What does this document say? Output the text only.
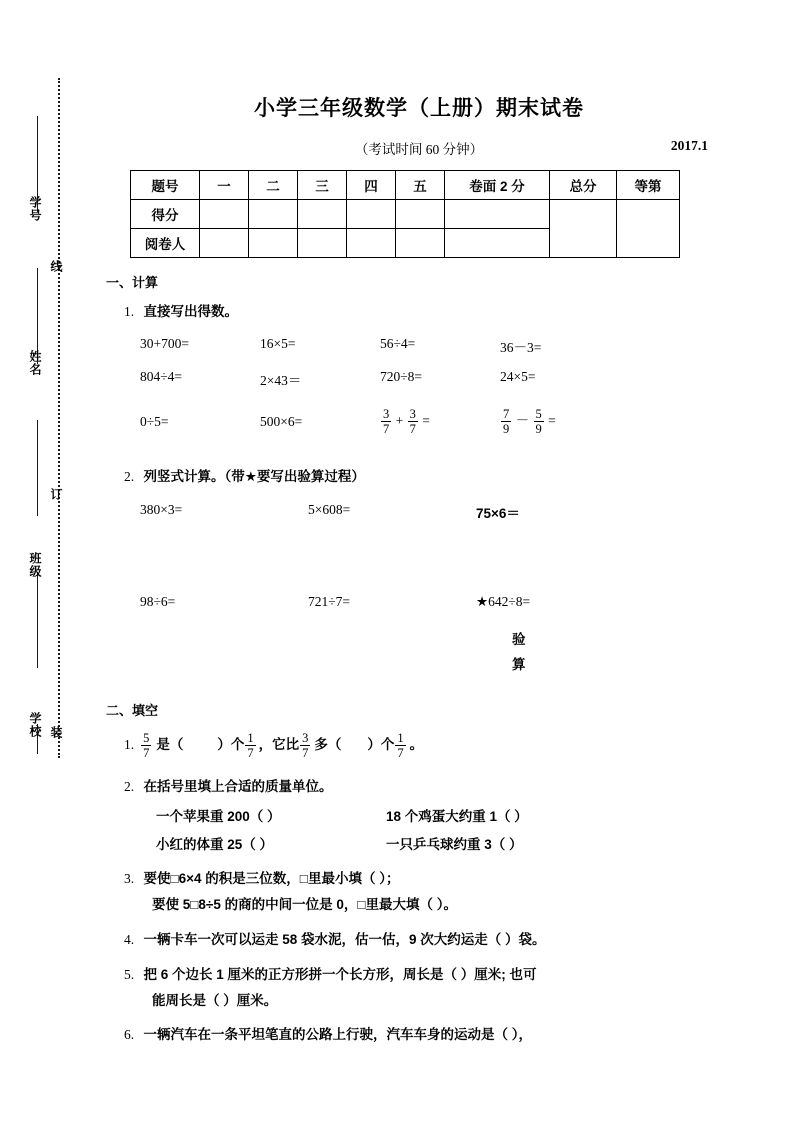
学号
线
姓名
订
班级
装
学校
小学三年级数学（上册）期末试卷
（考试时间 60 分钟）	2017.1
题号	一	二	三	四	五	卷面 2 分	总分	等第
得分								
阅卷人								
一、计算
1. 直接写出得数。
30+700=	16×5=	56÷4=	36－3=
804÷4=	2×43＝	720÷8=	24×5=
0÷5=	500×6=	$\frac{3}{7} + \frac{3}{7}$ =	$\frac{7}{9} - \frac{5}{9}$ =
2. 列竖式计算。（带★要写出验算过程）
380×3=	5×608=	75×6＝
98÷6=	721÷7=	★642÷8=
验
算
二、填空
1. $\frac{5}{7}$ 是（	）个 $\frac{1}{7}$ ，它比 $\frac{3}{7}$ 多（ ）个 $\frac{1}{7}$ 。
2. 在括号里填上合适的质量单位。
一个苹果重 200（ ）	18 个鸡蛋大约重 1（ ）
小红的体重 25（ ）	一只乒乓球约重 3（ ）
3. 要使□6×4 的积是三位数，□里最小填（ ）；
要使 5□8÷5 的商的中间一位是 0，□里最大填（ ）。
4. 一辆卡车一次可以运走 58 袋水泥，估一估，9 次大约运走（ ）袋。
5. 把 6 个边长 1 厘米的正方形拼一个长方形，周长是（ ）厘米; 也可
能周长是（ ）厘米。
6. 一辆汽车在一条平坦笔直的公路上行驶，汽车车身的运动是（ ），
